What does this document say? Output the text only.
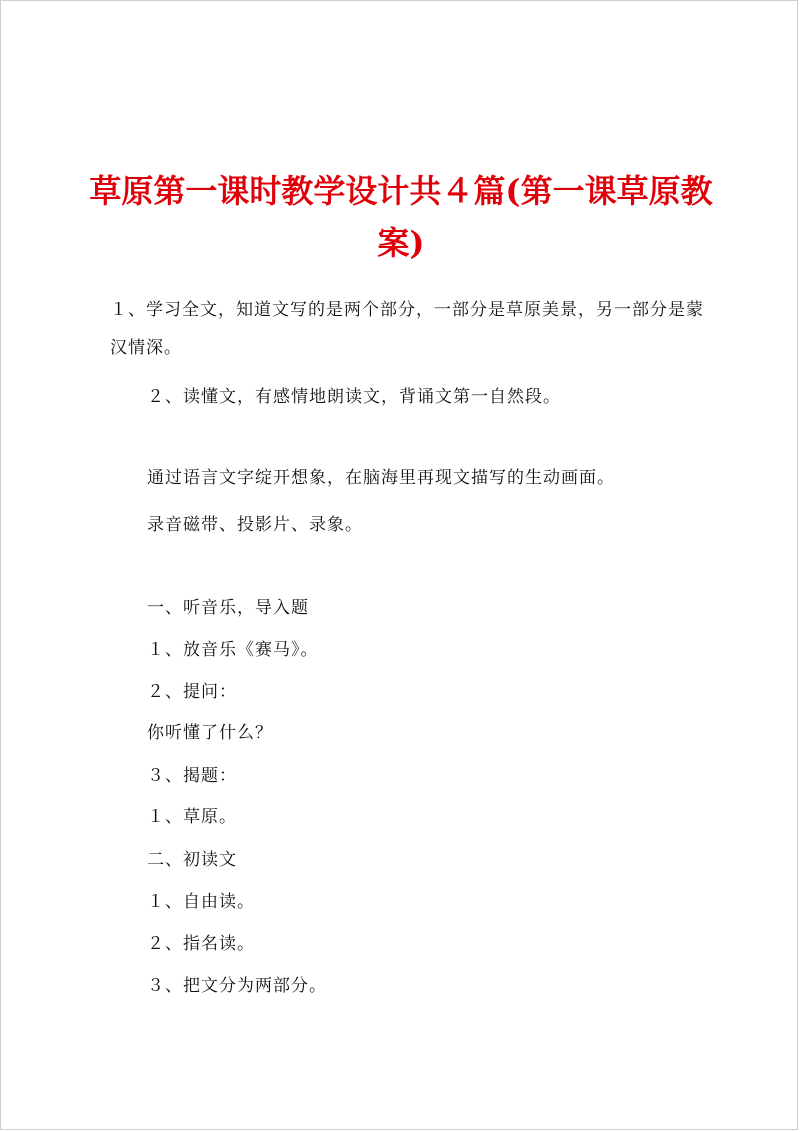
草原第一课时教学设计共４篇(第一课草原教案)

１、学习全文，知道文写的是两个部分，一部分是草原美景，另一部分是蒙汉情深。

２、读懂文，有感情地朗读文，背诵文第一自然段。

通过语言文字绽开想象，在脑海里再现文描写的生动画面。

录音磁带、投影片、录象。

一、听音乐，导入题

１、放音乐《赛马》。

２、提问：

你听懂了什么？

３、揭题：

１、草原。

二、初读文

１、自由读。

２、指名读。

３、把文分为两部分。
